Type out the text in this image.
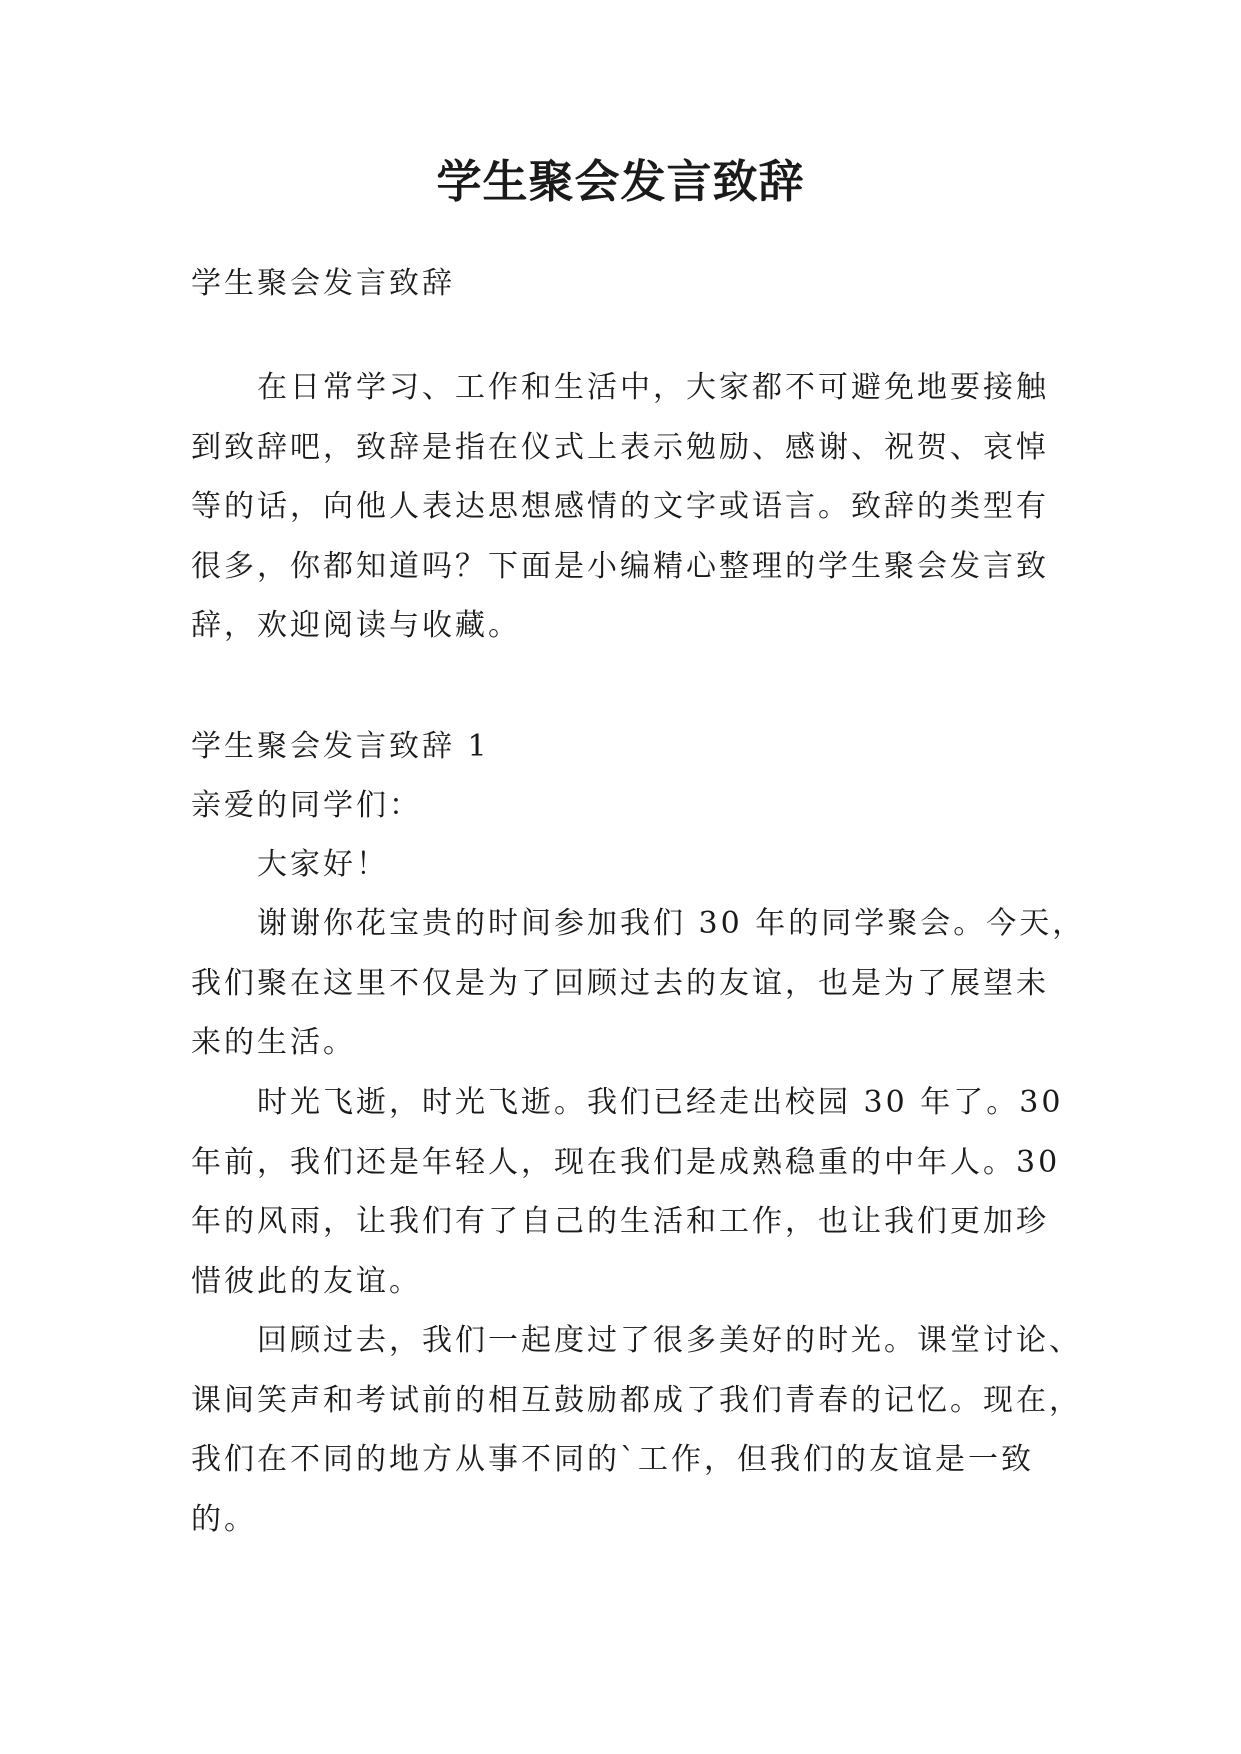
学生聚会发言致辞
学生聚会发言致辞
在日常学习、工作和生活中，大家都不可避免地要接触
到致辞吧，致辞是指在仪式上表示勉励、感谢、祝贺、哀悼
等的话，向他人表达思想感情的文字或语言。致辞的类型有
很多，你都知道吗？下面是小编精心整理的学生聚会发言致
辞，欢迎阅读与收藏。
学生聚会发言致辞 1
亲爱的同学们：
大家好！
谢谢你花宝贵的时间参加我们 30 年的同学聚会。今天，
我们聚在这里不仅是为了回顾过去的友谊，也是为了展望未
来的生活。
时光飞逝，时光飞逝。我们已经走出校园 30 年了。30
年前，我们还是年轻人，现在我们是成熟稳重的中年人。30
年的风雨，让我们有了自己的生活和工作，也让我们更加珍
惜彼此的友谊。
回顾过去，我们一起度过了很多美好的时光。课堂讨论、
课间笑声和考试前的相互鼓励都成了我们青春的记忆。现在，
我们在不同的地方从事不同的`工作，但我们的友谊是一致
的。
